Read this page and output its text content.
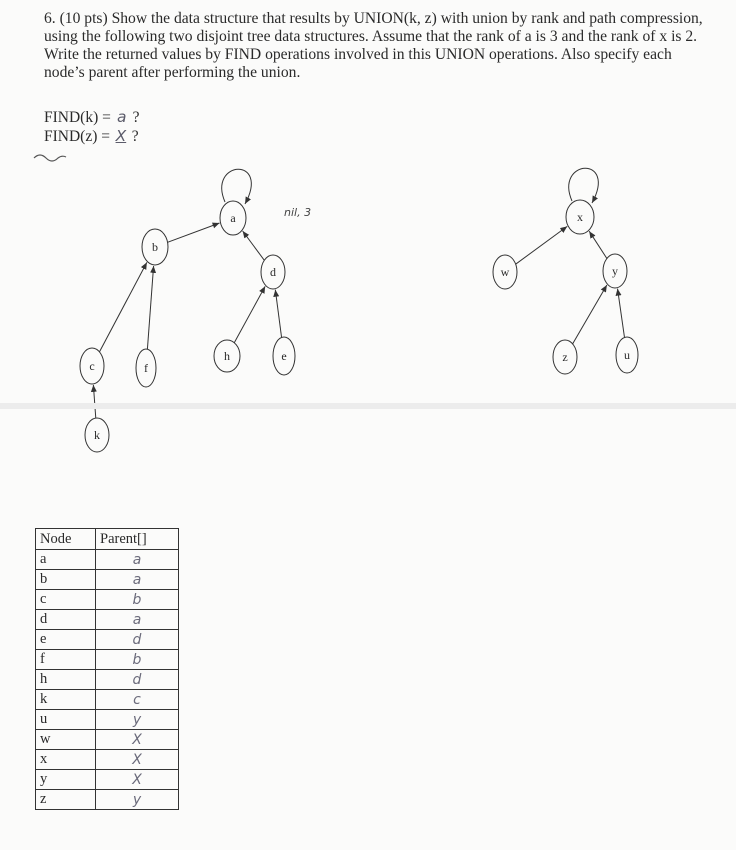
6. (10 pts) Show the data structure that results by UNION(k, z) with union by rank and path compression, using the following two disjoint tree data structures. Assume that the rank of a is 3 and the rank of x is 2. Write the returned values by FIND operations involved in this UNION operations. Also specify each node’s parent after performing the union.

FIND(k) = a ?
FIND(z) = X ?
a
b
c
d
e
f
h
k
w
x
y
z	u
nil, 3
Node	Parent[]
a	a
b	a
c	b
d	a
e	d
f	b
h	d
k	c
u	y
w	X
x	X
y	X
z	y
